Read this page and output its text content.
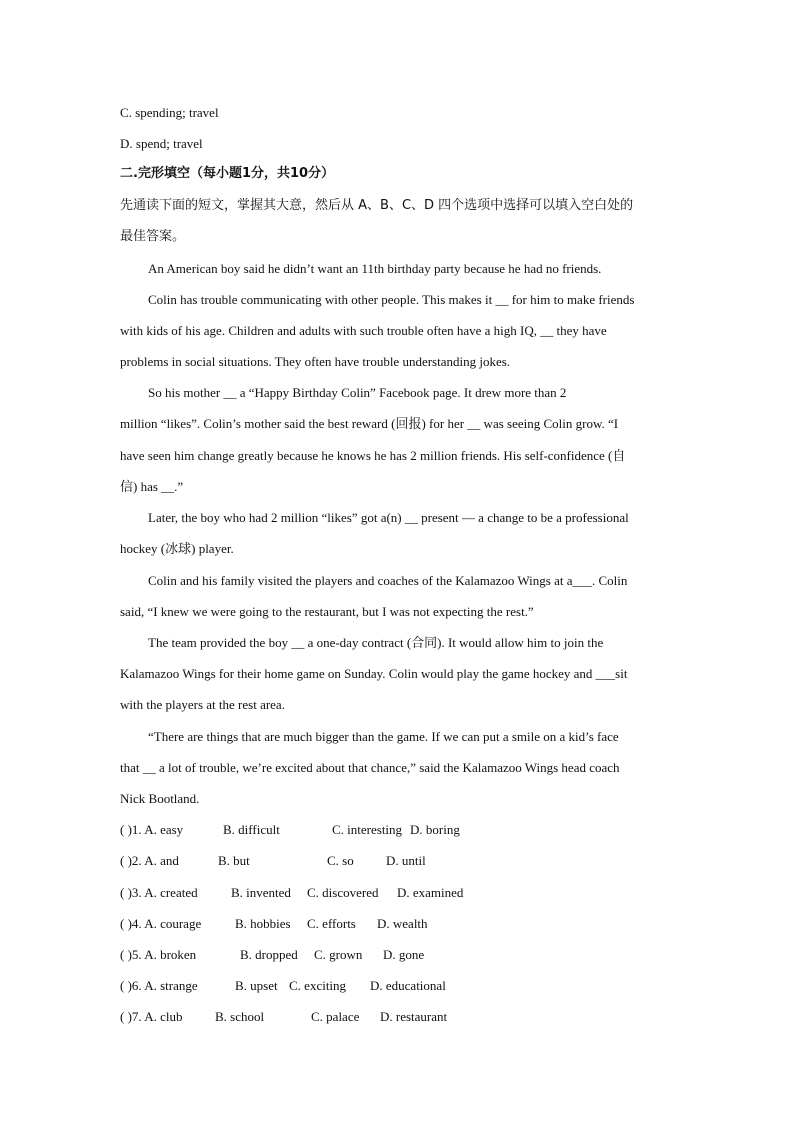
C. spending; travel
D. spend; travel
二.完形填空（每小题1分，共10分）
先通读下面的短文，掌握其大意，然后从 A、B、C、D 四个选项中选择可以填入空白处的
最佳答案。
An American boy said he didn’t want an 11th birthday party because he had no friends.
Colin has trouble communicating with other people. This makes it __ for him to make friends
with kids of his age. Children and adults with such trouble often have a high IQ, __ they have
problems in social situations. They often have trouble understanding jokes.
So his mother __ a “Happy Birthday Colin” Facebook page. It drew more than 2
million “likes”. Colin’s mother said the best reward (回报) for her __ was seeing Colin grow. “I
have seen him change greatly because he knows he has 2 million friends. His self-confidence (自
信) has __.”
Later, the boy who had 2 million “likes” got a(n) __ present — a change to be a professional
hockey (冰球) player.
Colin and his family visited the players and coaches of the Kalamazoo Wings at a___. Colin
said, “I knew we were going to the restaurant, but I was not expecting the rest.”
The team provided the boy __ a one-day contract (合同). It would allow him to join the
Kalamazoo Wings for their home game on Sunday. Colin would play the game hockey and ___sit
with the players at the rest area.
“There are things that are much bigger than the game. If we can put a smile on a kid’s face
that __ a lot of trouble, we’re excited about that chance,” said the Kalamazoo Wings head coach
Nick Bootland.
( )1. A. easy	B. difficult	C. interesting D. boring
( )2. A. and	B. but	C. so D. until
( )3. A. created	B. invented C. discovered D. examined
( )4. A. courage	B. hobbies C. efforts D. wealth
( )5. A. broken	B. dropped C. grown D. gone
( )6. A. strange	B. upset C. exciting D. educational
( )7. A. club	B. school	C. palace D. restaurant
